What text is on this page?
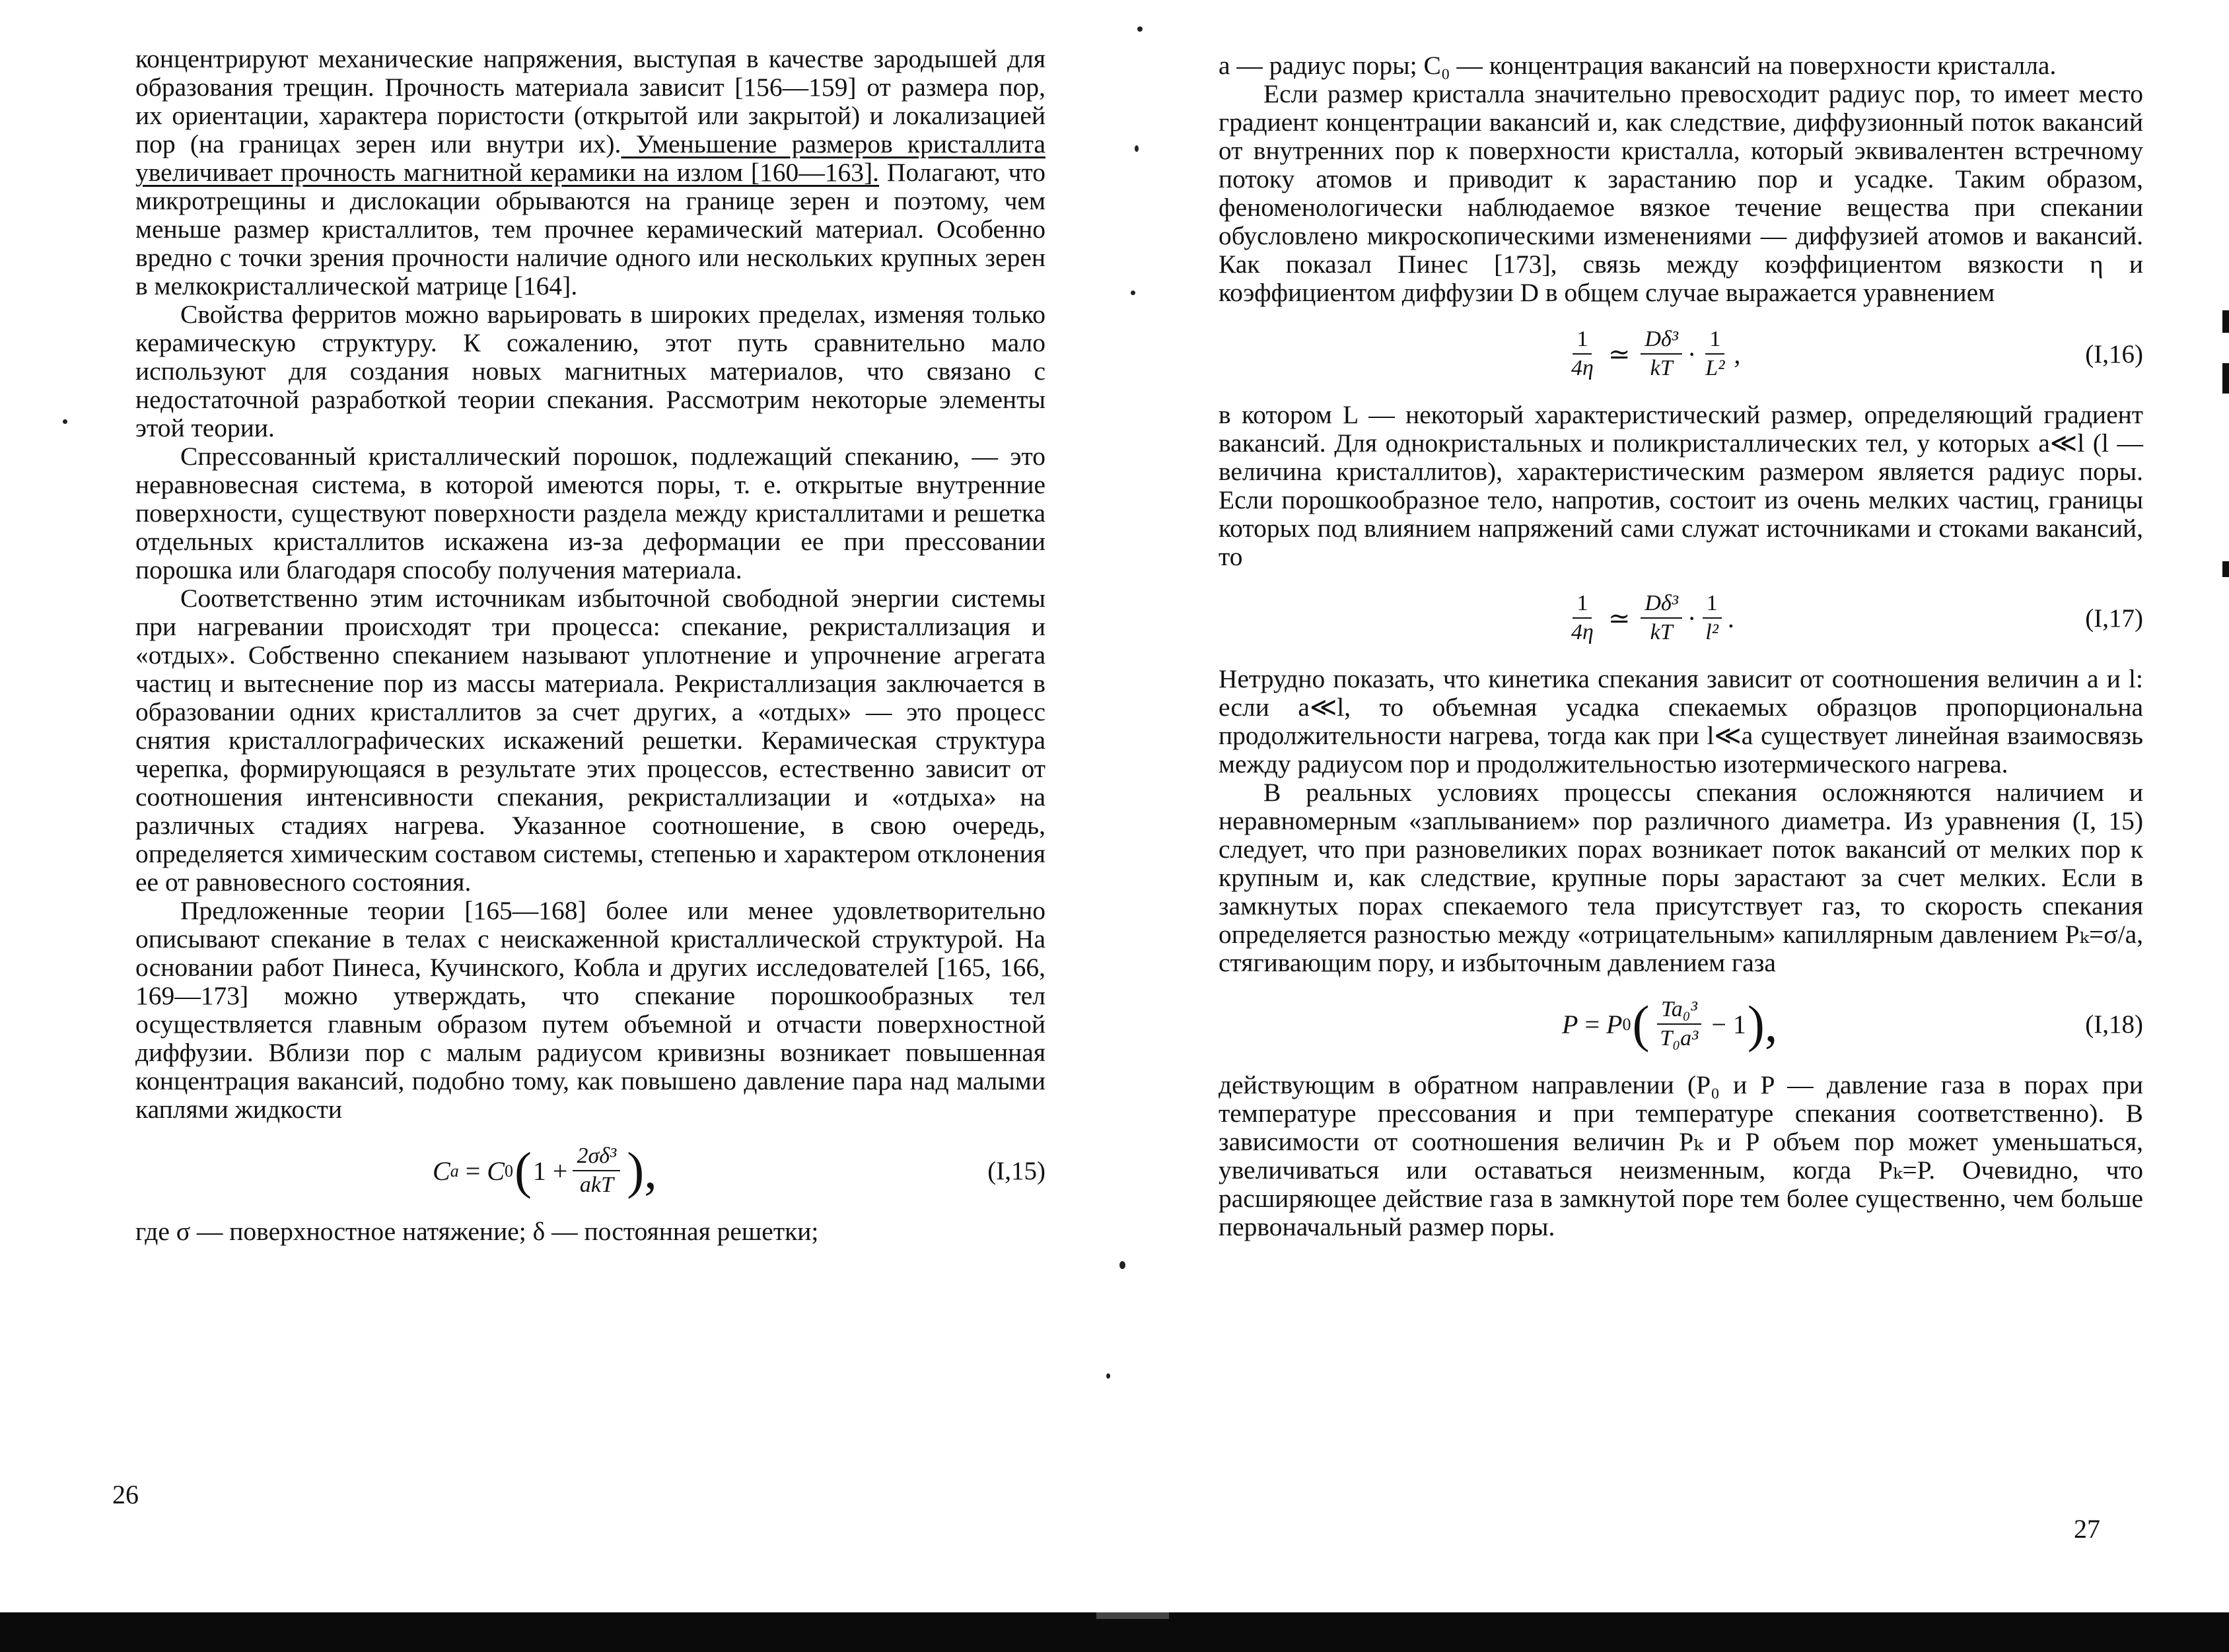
концентрируют механические напряжения, выступая в качестве зародышей для образования трещин. Прочность материала зависит [156—159] от размера пор, их ориентации, характера пористости (открытой или закрытой) и локализацией пор (на границах зерен или внутри их). Уменьшение размеров кристаллита увеличивает прочность магнитной керамики на излом [160—163]. Полагают, что микротрещины и дислокации обрываются на границе зерен и поэтому, чем меньше размер кристаллитов, тем прочнее керамический материал. Особенно вредно с точки зрения прочности наличие одного или нескольких крупных зерен в мелкокристаллической матрице [164].

Свойства ферритов можно варьировать в широких пределах, изменяя только керамическую структуру. К сожалению, этот путь сравнительно мало используют для создания новых магнитных материалов, что связано с недостаточной разработкой теории спекания. Рассмотрим некоторые элементы этой теории.

Спрессованный кристаллический порошок, подлежащий спеканию, — это неравновесная система, в которой имеются поры, т. е. открытые внутренние поверхности, существуют поверхности раздела между кристаллитами и решетка отдельных кристаллитов искажена из-за деформации ее при прессовании порошка или благодаря способу получения материала.

Соответственно этим источникам избыточной свободной энергии системы при нагревании происходят три процесса: спекание, рекристаллизация и «отдых». Собственно спеканием называют уплотнение и упрочнение агрегата частиц и вытеснение пор из массы материала. Рекристаллизация заключается в образовании одних кристаллитов за счет других, а «отдых» — это процесс снятия кристаллографических искажений решетки. Керамическая структура черепка, формирующаяся в результате этих процессов, естественно зависит от соотношения интенсивности спекания, рекристаллизации и «отдыха» на различных стадиях нагрева. Указанное соотношение, в свою очередь, определяется химическим составом системы, степенью и характером отклонения ее от равновесного состояния.

Предложенные теории [165—168] более или менее удовлетворительно описывают спекание в телах с неискаженной кристаллической структурой. На основании работ Пинеса, Кучинского, Кобла и других исследователей [165, 166, 169—173] можно утверждать, что спекание порошкообразных тел осуществляется главным образом путем объемной и отчасти поверхностной диффузии. Вблизи пор с малым радиусом кривизны возникает повышенная концентрация вакансий, подобно тому, как повышено давление пара над малыми каплями жидкости

C a = C 0 ( $1 + \frac{\text{2σδ³}}{\text{akT}}$ ),	(I,15)

где σ — поверхностное натяжение; δ — постоянная решетки;

26

a — радиус поры; C₀ — концентрация вакансий на поверхности кристалла.

Если размер кристалла значительно превосходит радиус пор, то имеет место градиент концентрации вакансий и, как следствие, диффузионный поток вакансий от внутренних пор к поверхности кристалла, который эквивалентен встречному потоку атомов и приводит к зарастанию пор и усадке. Таким образом, феноменологически наблюдаемое вязкое течение вещества при спекании обусловлено микроскопическими изменениями — диффузией атомов и вакансий. Как показал Пинес [173], связь между коэффициентом вязкости η и коэффициентом диффузии D в общем случае выражается уравнением

$\frac{1}{4\eta}$ ≃ $\frac{\text{Dδ³}}{kT} \cdot \frac{1}{\text{L²}}$ ,	(I,16)

в котором L — некоторый характеристический размер, определяющий градиент вакансий. Для однокристальных и поликристаллических тел, у которых a≪l (l — величина кристаллитов), характеристическим размером является радиус поры. Если порошкообразное тело, напротив, состоит из очень мелких частиц, границы которых под влиянием напряжений сами служат источниками и стоками вакансий, то

$\frac{1}{4\eta}$ ≃ $\frac{\text{Dδ³}}{kT} \cdot \frac{1}{\text{l²}}$ .	(I,17)

Нетрудно показать, что кинетика спекания зависит от соотношения величин a и l: если a≪l, то объемная усадка спекаемых образцов пропорциональна продолжительности нагрева, тогда как при l≪a существует линейная взаимосвязь между радиусом пор и продолжительностью изотермического нагрева.

В реальных условиях процессы спекания осложняются наличием и неравномерным «заплыванием» пор различного диаметра. Из уравнения (I, 15) следует, что при разновеликих порах возникает поток вакансий от мелких пор к крупным и, как следствие, крупные поры зарастают за счет мелких. Если в замкнутых порах спекаемого тела присутствует газ, то скорость спекания определяется разностью между «отрицательным» капиллярным давлением Pₖ=σ/a, стягивающим пору, и избыточным давлением газа

P = P 0 ( $\frac{\text{Ta₀³}}{\text{T₀a³}} - 1$ ),	(I,18)

действующим в обратном направлении (P₀ и P — давление газа в порах при температуре прессования и при температуре спекания соответственно). В зависимости от соотношения величин Pₖ и P объем пор может уменьшаться, увеличиваться или оставаться неизменным, когда Pₖ=P. Очевидно, что расширяющее действие газа в замкнутой поре тем более существенно, чем больше первоначальный размер поры.

27
